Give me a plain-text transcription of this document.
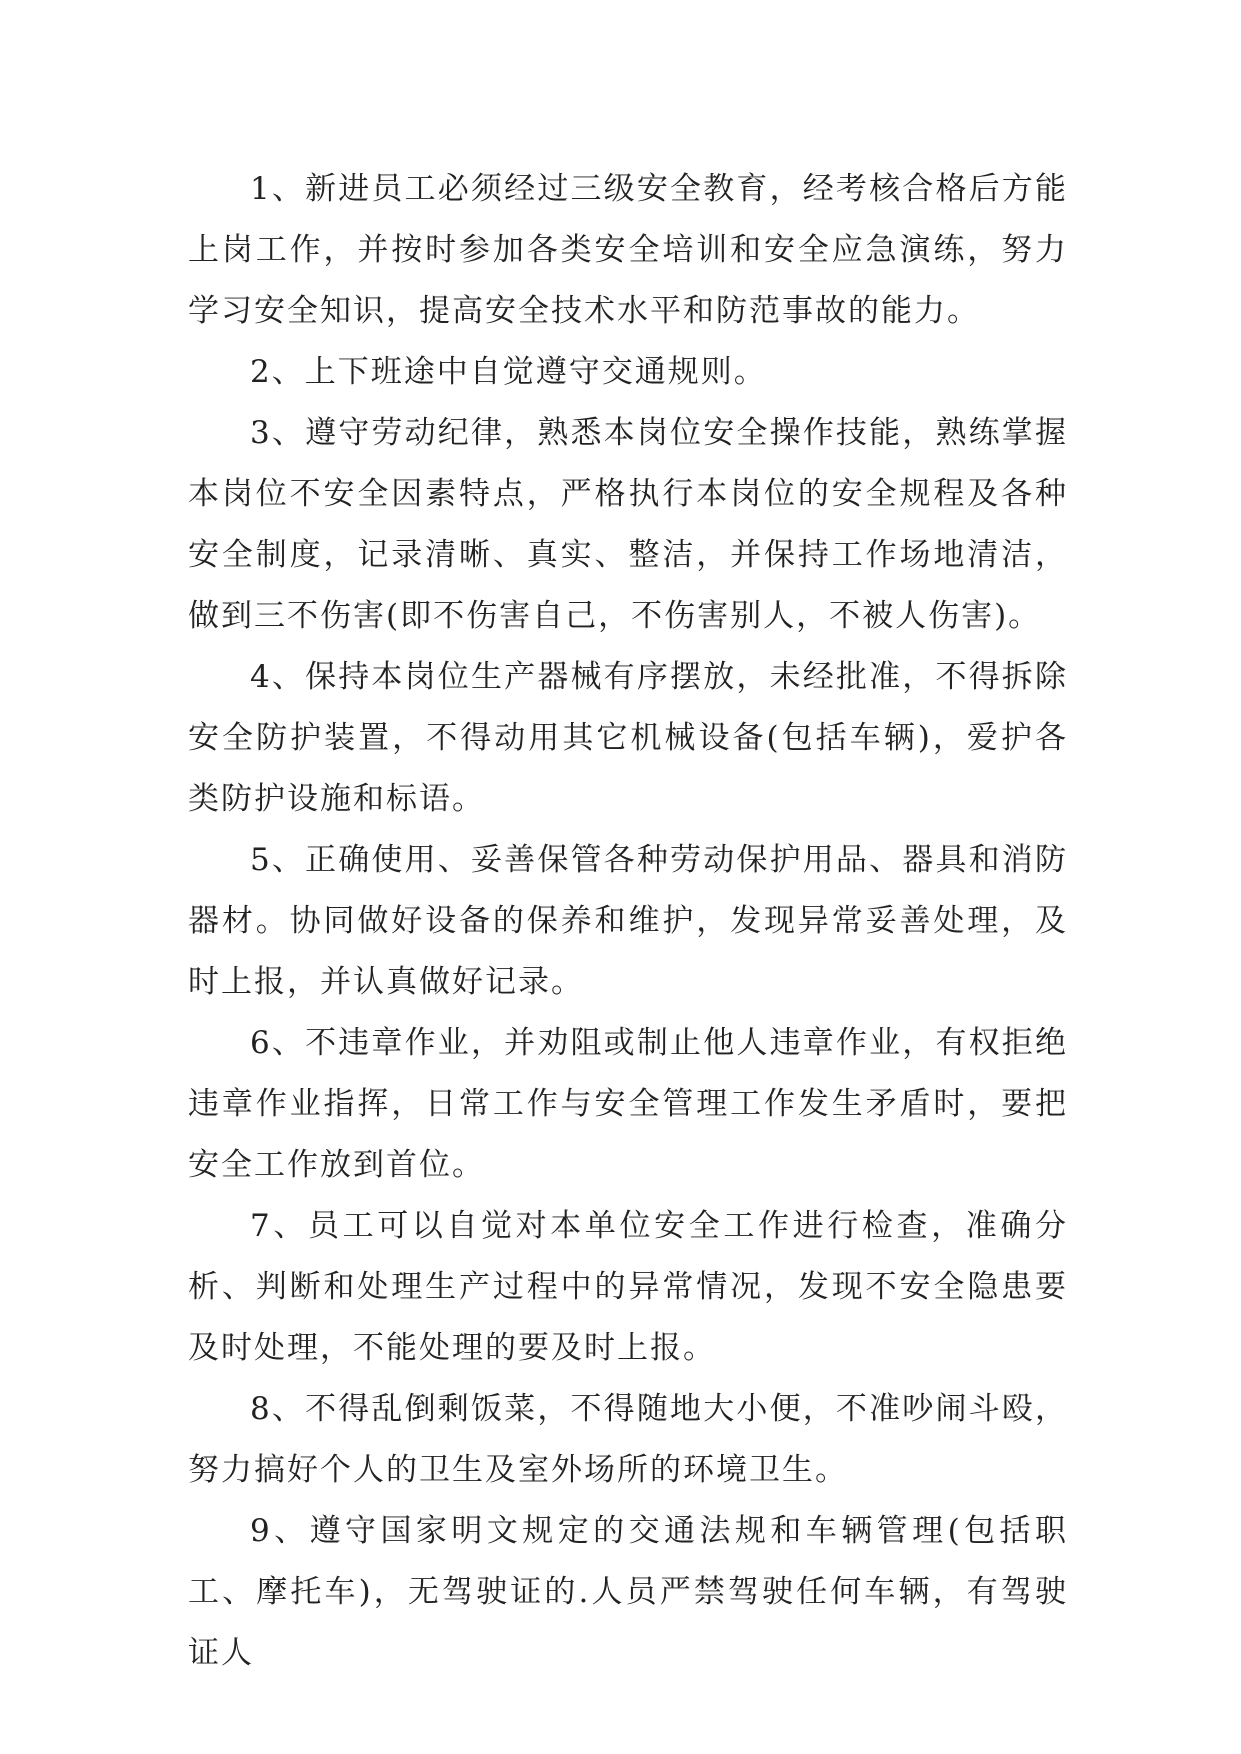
1、新进员工必须经过三级安全教育，经考核合格后方能上岗工作，并按时参加各类安全培训和安全应急演练，努力学习安全知识，提高安全技术水平和防范事故的能力。

2、上下班途中自觉遵守交通规则。

3、遵守劳动纪律，熟悉本岗位安全操作技能，熟练掌握本岗位不安全因素特点，严格执行本岗位的安全规程及各种安全制度，记录清晰、真实、整洁，并保持工作场地清洁，做到三不伤害(即不伤害自己，不伤害别人，不被人伤害)。

4、保持本岗位生产器械有序摆放，未经批准，不得拆除安全防护装置，不得动用其它机械设备(包括车辆)，爱护各类防护设施和标语。

5、正确使用、妥善保管各种劳动保护用品、器具和消防器材。协同做好设备的保养和维护，发现异常妥善处理，及时上报，并认真做好记录。

6、不违章作业，并劝阻或制止他人违章作业，有权拒绝违章作业指挥，日常工作与安全管理工作发生矛盾时，要把安全工作放到首位。

7、员工可以自觉对本单位安全工作进行检查，准确分析、判断和处理生产过程中的异常情况，发现不安全隐患要及时处理，不能处理的要及时上报。

8、不得乱倒剩饭菜，不得随地大小便，不准吵闹斗殴，努力搞好个人的卫生及室外场所的环境卫生。

9、遵守国家明文规定的交通法规和车辆管理(包括职工、摩托车)，无驾驶证的.人员严禁驾驶任何车辆，有驾驶证人
